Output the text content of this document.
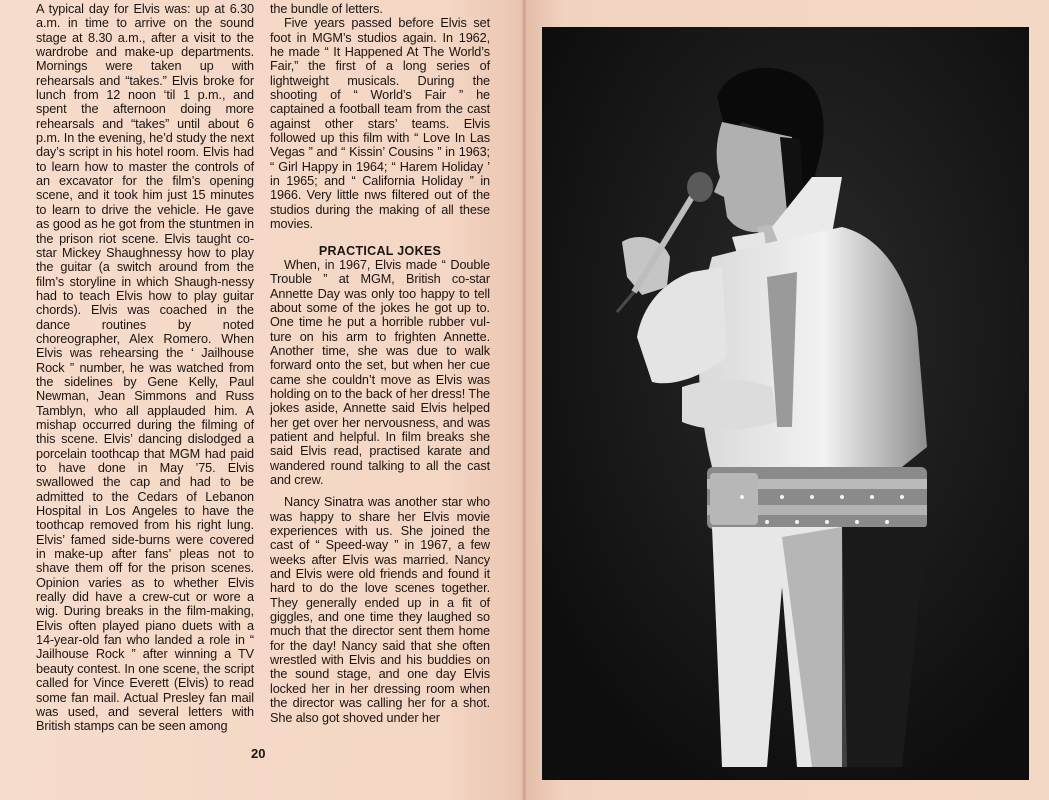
A typical day for Elvis was: up at 6.30 a.m. in time to arrive on the sound stage at 8.30 a.m., after a visit to the wardrobe and make-up departments. Mornings were taken up with rehearsals and “takes.” Elvis broke for lunch from 12 noon ‘til 1 p.m., and spent the afternoon doing more rehearsals and “takes” until about 6 p.m. In the evening, he’d study the next day’s script in his hotel room. Elvis had to learn how to master the controls of an excavator for the film’s opening scene, and it took him just 15 minutes to learn to drive the vehicle. He gave as good as he got from the stuntmen in the prison riot scene. Elvis taught co-star Mickey Shaughnessy how to play the guitar (a switch around from the film’s storyline in which Shaugh-nessy had to teach Elvis how to play guitar chords). Elvis was coached in the dance routines by noted choreographer, Alex Romero. When Elvis was rehearsing the ‘ Jailhouse Rock ” number, he was watched from the sidelines by Gene Kelly, Paul Newman, Jean Simmons and Russ Tamblyn, who all applauded him. A mishap occurred during the filming of this scene. Elvis’ dancing dislodged a porcelain toothcap that MGM had paid to have done in May ’75. Elvis swallowed the cap and had to be admitted to the Cedars of Lebanon Hospital in Los Angeles to have the toothcap removed from his right lung. Elvis’ famed side-burns were covered in make-up after fans’ pleas not to shave them off for the prison scenes. Opinion varies as to whether Elvis really did have a crew-cut or wore a wig. During breaks in the film-making, Elvis often played piano duets with a 14-year-old fan who landed a role in “ Jailhouse Rock ” after winning a TV beauty contest. In one scene, the script called for Vince Everett (Elvis) to read some fan mail. Actual Presley fan mail was used, and several letters with British stamps can be seen among

the bundle of letters.

Five years passed before Elvis set foot in MGM’s studios again. In 1962, he made “ It Happened At The World’s Fair,” the first of a long series of lightweight musicals. During the shooting of “ World’s Fair ” he captained a football team from the cast against other stars’ teams. Elvis followed up this film with “ Love In Las Vegas ” and “ Kissin’ Cousins ” in 1963; “ Girl Happy in 1964; “ Harem Holiday ’ in 1965; and “ California Holiday ” in 1966. Very little nws filtered out of the studios during the making of all these movies.

PRACTICAL JOKES

When, in 1967, Elvis made “ Double Trouble ” at MGM, British co-star Annette Day was only too happy to tell about some of the jokes he got up to. One time he put a horrible rubber vul-ture on his arm to frighten Annette. Another time, she was due to walk forward onto the set, but when her cue came she couldn’t move as Elvis was holding on to the back of her dress! The jokes aside, Annette said Elvis helped her get over her nervousness, and was patient and helpful. In film breaks she said Elvis read, practised karate and wandered round talking to all the cast and crew.

Nancy Sinatra was another star who was happy to share her Elvis movie experiences with us. She joined the cast of “ Speed-way ” in 1967, a few weeks after Elvis was married. Nancy and Elvis were old friends and found it hard to do the love scenes together. They generally ended up in a fit of giggles, and one time they laughed so much that the director sent them home for the day! Nancy said that she often wrestled with Elvis and his buddies on the sound stage, and one day Elvis locked her in her dressing room when the director was calling her for a shot. She also got shoved under her

20
